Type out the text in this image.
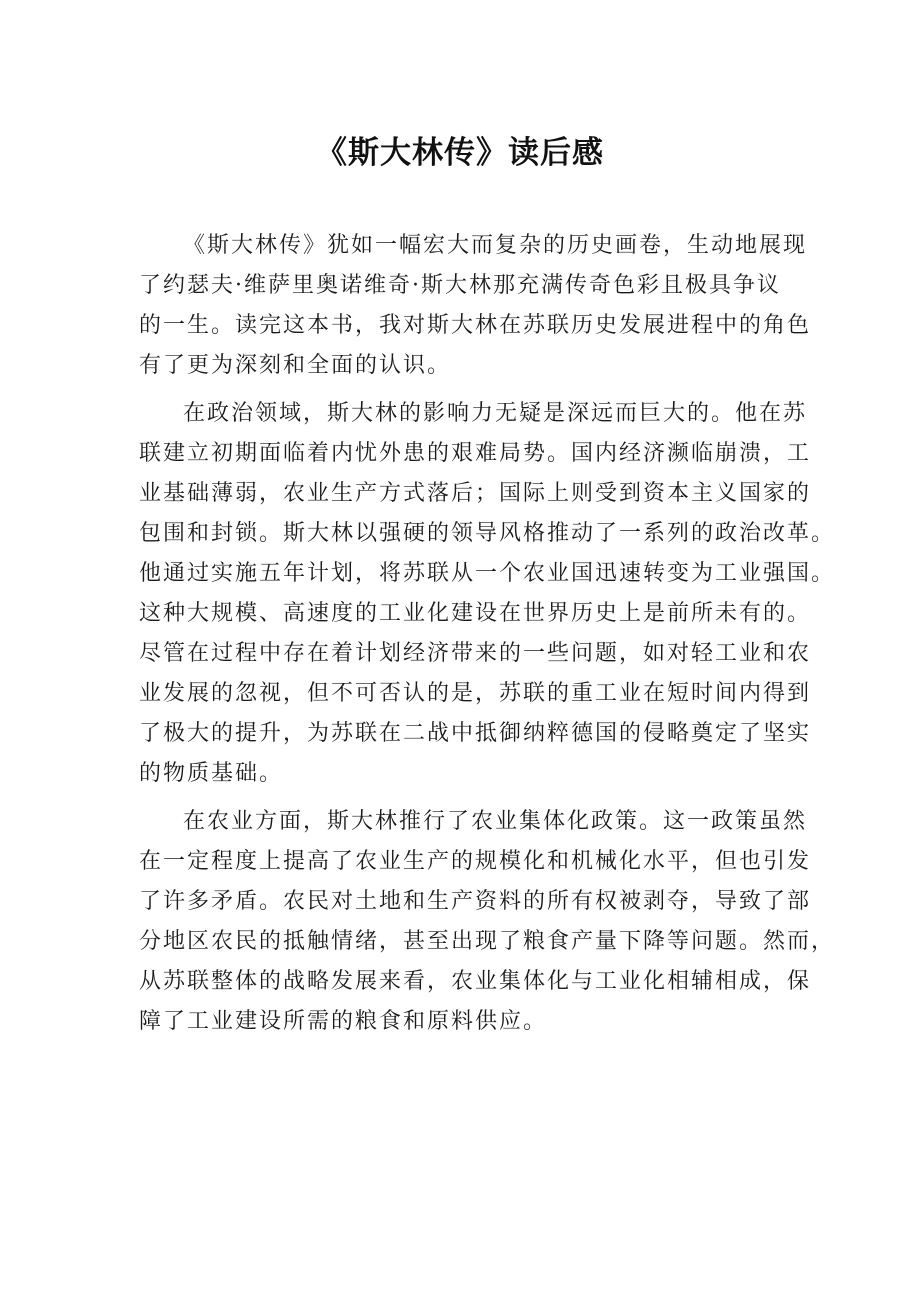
《斯大林传》读后感

《斯大林传》犹如一幅宏大而复杂的历史画卷，生动地展现
了约瑟夫·维萨里奥诺维奇·斯大林那充满传奇色彩且极具争议
的一生。读完这本书，我对斯大林在苏联历史发展进程中的角色
有了更为深刻和全面的认识。

在政治领域，斯大林的影响力无疑是深远而巨大的。他在苏
联建立初期面临着内忧外患的艰难局势。国内经济濒临崩溃，工
业基础薄弱，农业生产方式落后；国际上则受到资本主义国家的
包围和封锁。斯大林以强硬的领导风格推动了一系列的政治改革。
他通过实施五年计划，将苏联从一个农业国迅速转变为工业强国。
这种大规模、高速度的工业化建设在世界历史上是前所未有的。
尽管在过程中存在着计划经济带来的一些问题，如对轻工业和农
业发展的忽视，但不可否认的是，苏联的重工业在短时间内得到
了极大的提升，为苏联在二战中抵御纳粹德国的侵略奠定了坚实
的物质基础。

在农业方面，斯大林推行了农业集体化政策。这一政策虽然
在一定程度上提高了农业生产的规模化和机械化水平，但也引发
了许多矛盾。农民对土地和生产资料的所有权被剥夺，导致了部
分地区农民的抵触情绪，甚至出现了粮食产量下降等问题。然而，
从苏联整体的战略发展来看，农业集体化与工业化相辅相成，保
障了工业建设所需的粮食和原料供应。
